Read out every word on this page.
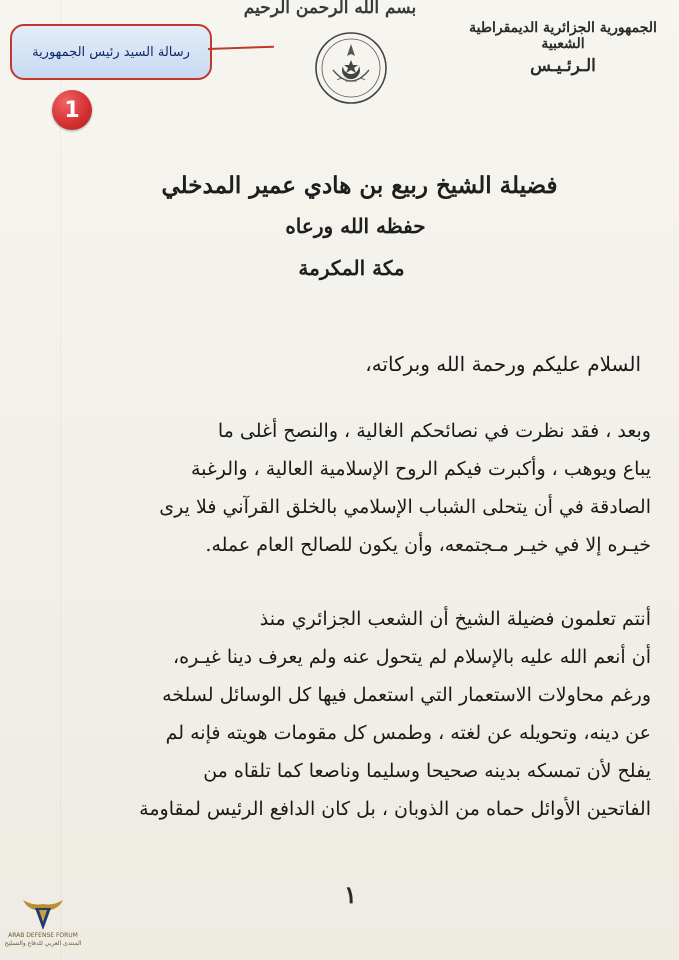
بسم الله الرحمن الرحيم
الجمهورية الجزائرية الديمقراطية الشعبية
الـرئـيـس
رسالة السيد رئيس الجمهورية
1
فضيلة الشيخ ربيع بن هادي عمير المدخلي
حفظه الله ورعاه
مكة المكرمة
السلام عليكم ورحمة الله وبركاته،
وبعد ، فقد نظرت في نصائحكم الغالية ، والنصح أغلى ما
يباع ويوهب ، وأكبرت فيكم الروح الإسلامية العالية ، والرغبة
الصادقة في أن يتحلى الشباب الإسلامي بالخلق القرآني فلا يرى
خيـره إلا في خيـر مـجتمعه، وأن يكون للصالح العام عمله.
أنتم تعلمون فضيلة الشيخ أن الشعب الجزائري منذ
أن أنعم الله عليه بالإسلام لم يتحول عنه ولم يعرف دينا غيـره،
ورغم محاولات الاستعمار التي استعمل فيها كل الوسائل لسلخه
عن دينه، وتحويله عن لغته ، وطمس كل مقومات هويته فإنه لم
يفلح لأن تمسكه بدينه صحيحا وسليما وناصعا كما تلقاه من
الفاتحين الأوائل حماه من الذوبان ، بل كان الدافع الرئيس لمقاومة
١
ARAB DEFENSE FORUM
المنتدى العربي للدفاع والتسليح
